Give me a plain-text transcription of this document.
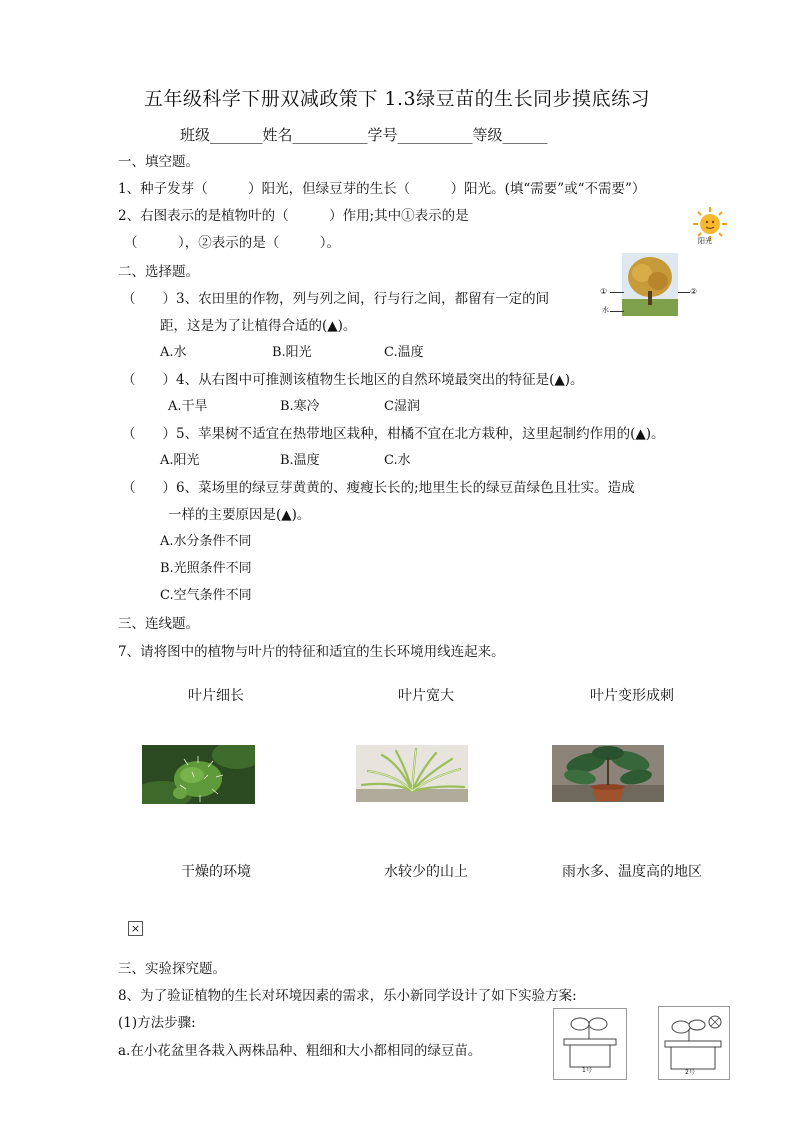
五年级科学下册双减政策下 1.3绿豆苗的生长同步摸底练习
班级_______姓名__________学号__________等级______
一、填空题。
1、种子发芽（　　　）阳光，但绿豆芽的生长（　　　）阳光。(填“需要”或“不需要”）
2、右图表示的是植物叶的（　　　）作用;其中①表示的是
（　　　），②表示的是（　　　）。	阳光
二、选择题。
（　　）3、农田里的作物，列与列之间，行与行之间，都留有一定的间
距，这是为了让植得合适的(▲)。
A.水	B.阳光	C.温度
①	②
水
（　　）4、从右图中可推测该植物生长地区的自然环境最突出的特征是(▲)。
A.干旱	B.寒冷	C湿润
（　　）5、苹果树不适宜在热带地区栽种，柑橘不宜在北方栽种，这里起制约作用的(▲)。
A.阳光	B.温度	C.水
（　　）6、菜场里的绿豆芽黄黄的、瘦瘦长长的;地里生长的绿豆苗绿色且壮实。造成
一样的主要原因是(▲)。
A.水分条件不同
B.光照条件不同
C.空气条件不同
三、连线题。
7、请将图中的植物与叶片的特征和适宜的生长环境用线连起来。
叶片细长	叶片宽大	叶片变形成刺
干燥的环境	水较少的山上	雨水多、温度高的地区
×
三、实验探究题。
8、为了验证植物的生长对环境因素的需求，乐小新同学设计了如下实验方案:
(1)方法步骤:
a.在小花盆里各栽入两株品种、粗细和大小都相同的绿豆苗。
1号	2号
